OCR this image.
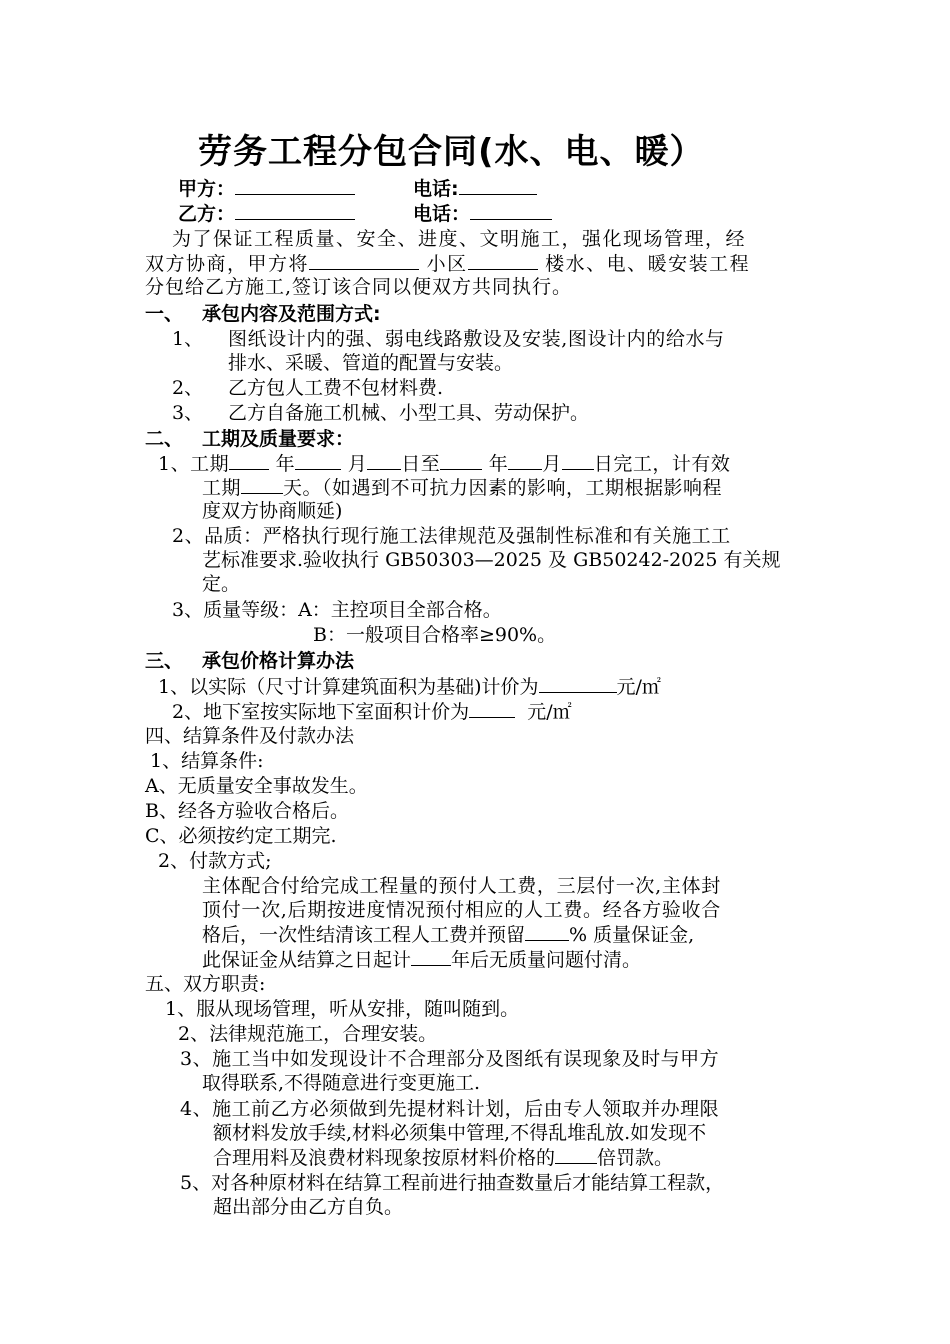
劳务工程分包合同(水、电、暖）
甲方：	电话:
乙方：	电话：
为了保证工程质量、安全、进度、文明施工，强化现场管理，经
双方协商，甲方将	小区	楼水、电、暖安装工程
分包给乙方施工,签订该合同以便双方共同执行。
一、 承包内容及范围方式:
1、 图纸设计内的强、弱电线路敷设及安装,图设计内的给水与
排水、采暖、管道的配置与安装。
2、 乙方包人工费不包材料费.
3、 乙方自备施工机械、小型工具、劳动保护。
二、 工期及质量要求：
1、工期 年	月 日至	年 月 日完工，计有效
工期 天。（如遇到不可抗力因素的影响，工期根据影响程
度双方协商顺延)
2、品质：严格执行现行施工法律规范及强制性标准和有关施工工
艺标准要求.验收执行 GB50303—2025 及 GB50242-2025 有关规
定。
3、质量等级：A：主控项目全部合格。
B：一般项目合格率≥90%。
三、 承包价格计算办法
1、以实际（尺寸计算建筑面积为基础)计价为	元/㎡
2、地下室按实际地下室面积计价为	元/㎡
四、结算条件及付款办法
1、结算条件:
A、无质量安全事故发生。
B、经各方验收合格后。
C、必须按约定工期完.
2、付款方式;
主体配合付给完成工程量的预付人工费，三层付一次,主体封
顶付一次,后期按进度情况预付相应的人工费。经各方验收合
格后，一次性结清该工程人工费并预留 % 质量保证金,
此保证金从结算之日起计 年后无质量问题付清。
五、双方职责:
1、服从现场管理，听从安排，随叫随到。
2、法律规范施工，合理安装。
3、施工当中如发现设计不合理部分及图纸有误现象及时与甲方
取得联系,不得随意进行变更施工.
4、施工前乙方必须做到先提材料计划，后由专人领取并办理限
额材料发放手续,材料必须集中管理,不得乱堆乱放.如发现不
合理用料及浪费材料现象按原材料价格的 倍罚款。
5、对各种原材料在结算工程前进行抽查数量后才能结算工程款，
超出部分由乙方自负。
